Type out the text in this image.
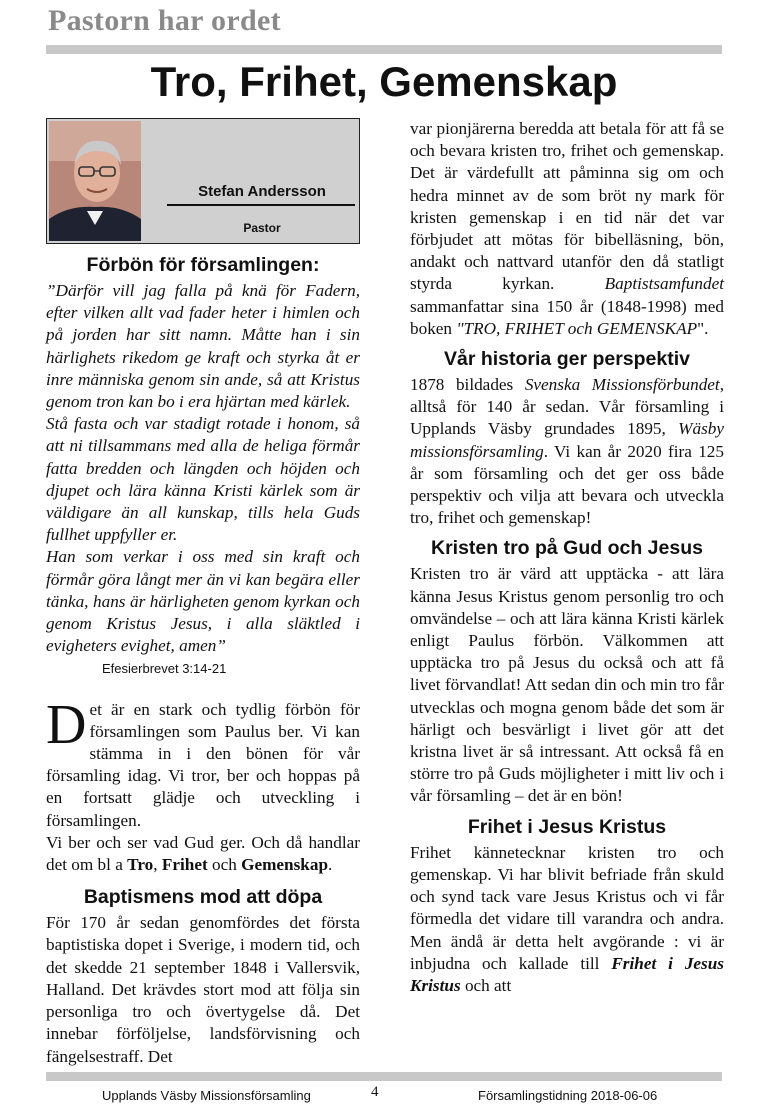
Pastorn har ordet
Tro, Frihet, Gemenskap
Stefan Andersson
Pastor
Förbön för församlingen:

”Därför vill jag falla på knä för Fadern, efter vilken allt vad fader heter i himlen och på jorden har sitt namn. Måtte han i sin härlighets rikedom ge kraft och styrka åt er inre människa genom sin ande, så att Kristus genom tron kan bo i era hjärtan med kärlek.

Stå fasta och var stadigt rotade i honom, så att ni tillsammans med alla de heliga förmår fatta bredden och längden och höjden och djupet och lära känna Kristi kärlek som är väldigare än all kunskap, tills hela Guds fullhet uppfyller er.

Han som verkar i oss med sin kraft och förmår göra långt mer än vi kan begära eller tänka, hans är härligheten genom kyrkan och genom Kristus Jesus, i alla släktled i evigheters evighet, amen”

Efesierbrevet 3:14-21

Det är en stark och tydlig förbön för församlingen som Paulus ber. Vi kan stämma in i den bönen för vår församling idag. Vi tror, ber och hoppas på en fortsatt glädje och utveckling i församlingen.

Vi ber och ser vad Gud ger. Och då handlar det om bl a Tro, Frihet och Gemenskap.

Baptismens mod att döpa

För 170 år sedan genomfördes det första baptistiska dopet i Sverige, i modern tid, och det skedde 21 september 1848 i Vallersvik, Halland. Det krävdes stort mod att följa sin personliga tro och övertygelse då. Det innebar förföljelse, landsförvisning och fängelsestraff. Det

var pionjärerna beredda att betala för att få se och bevara kristen tro, frihet och gemenskap. Det är värdefullt att påminna sig om och hedra minnet av de som bröt ny mark för kristen gemenskap i en tid när det var förbjudet att mötas för bibelläsning, bön, andakt och nattvard utanför den då statligt styrda kyrkan. Baptistsamfundet sammanfattar sina 150 år (1848-1998) med boken "TRO, FRIHET och GEMENSKAP".

Vår historia ger perspektiv

1878 bildades Svenska Missionsförbundet, alltså för 140 år sedan. Vår församling i Upplands Väsby grundades 1895, Wäsby missionsförsamling. Vi kan år 2020 fira 125 år som församling och det ger oss både perspektiv och vilja att bevara och utveckla tro, frihet och gemenskap!

Kristen tro på Gud och Jesus

Kristen tro är värd att upptäcka - att lära känna Jesus Kristus genom personlig tro och omvändelse – och att lära känna Kristi kärlek enligt Paulus förbön. Välkommen att upptäcka tro på Jesus du också och att få livet förvandlat! Att sedan din och min tro får utvecklas och mogna genom både det som är härligt och besvärligt i livet gör att det kristna livet är så intressant. Att också få en större tro på Guds möjligheter i mitt liv och i vår församling – det är en bön!

Frihet i Jesus Kristus

Frihet kännetecknar kristen tro och gemenskap. Vi har blivit befriade från skuld och synd tack vare Jesus Kristus och vi får förmedla det vidare till varandra och andra. Men ändå är detta helt avgörande : vi är inbjudna och kallade till Frihet i Jesus Kristus och att

Upplands Väsby Missionsförsamling	4	Församlingstidning 2018-06-06
